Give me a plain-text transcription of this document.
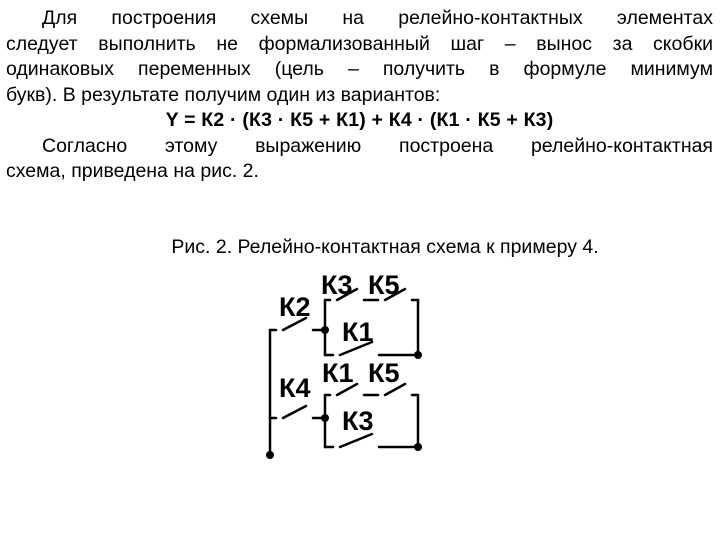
Для построения схемы на релейно-контактных элементах
следует выполнить не формализованный шаг – вынос за скобки
одинаковых переменных (цель – получить в формуле минимум
букв). В результате получим один из вариантов:
Y = К2 · (К3 · К5 + К1) + К4 · (К1 · К5 + К3)
Согласно этому выражению построена релейно-контактная
схема, приведена на рис. 2.
Рис. 2. Релейно-контактная схема к примеру 4.
К2
К3 К5
К1
К4 К1 К5
К3
